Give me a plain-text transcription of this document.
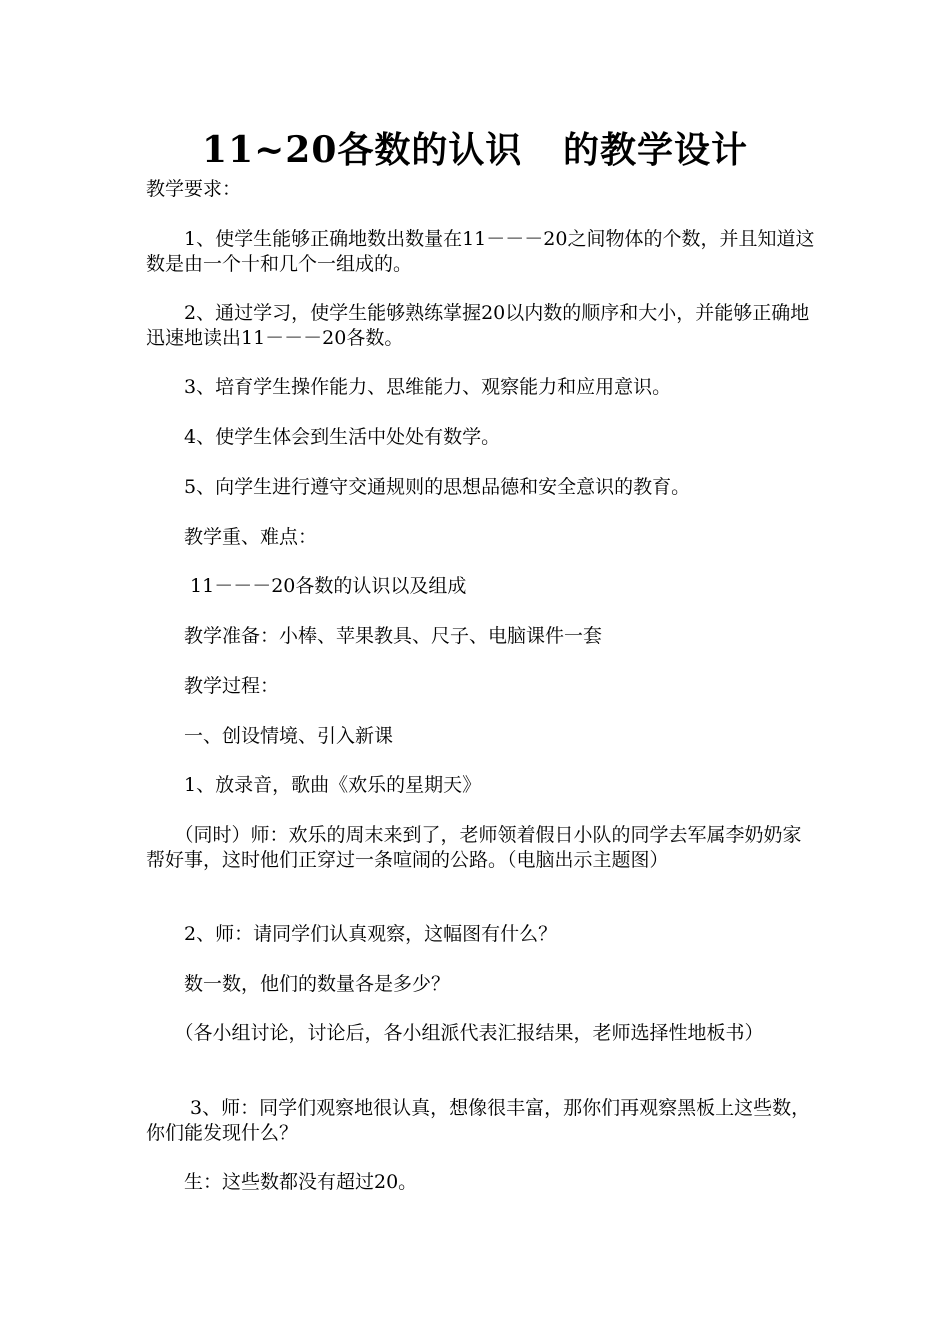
11~20各数的认识   的教学设计

教学要求：

　　1、使学生能够正确地数出数量在11－－－20之间物体的个数，并且知道这数是由一个十和几个一组成的。

　　2、通过学习，使学生能够熟练掌握20以内数的顺序和大小，并能够正确地迅速地读出11－－－20各数。

　　3、培育学生操作能力、思维能力、观察能力和应用意识。

　　4、使学生体会到生活中处处有数学。

　　5、向学生进行遵守交通规则的思想品德和安全意识的教育。

　　教学重、难点：

　　 11－－－20各数的认识以及组成

　　教学准备：小棒、苹果教具、尺子、电脑课件一套

　　教学过程：

　　一、创设情境、引入新课

　　1、放录音，歌曲《欢乐的星期天》

　　（同时）师：欢乐的周末来到了，老师领着假日小队的同学去军属李奶奶家帮好事，这时他们正穿过一条喧闹的公路。（电脑出示主题图）

　　2、师：请同学们认真观察，这幅图有什么？

　　数一数，他们的数量各是多少？

　　（各小组讨论，讨论后，各小组派代表汇报结果，老师选择性地板书）

　　 3、师：同学们观察地很认真，想像很丰富，那你们再观察黑板上这些数，你们能发现什么？

　　生：这些数都没有超过20。
